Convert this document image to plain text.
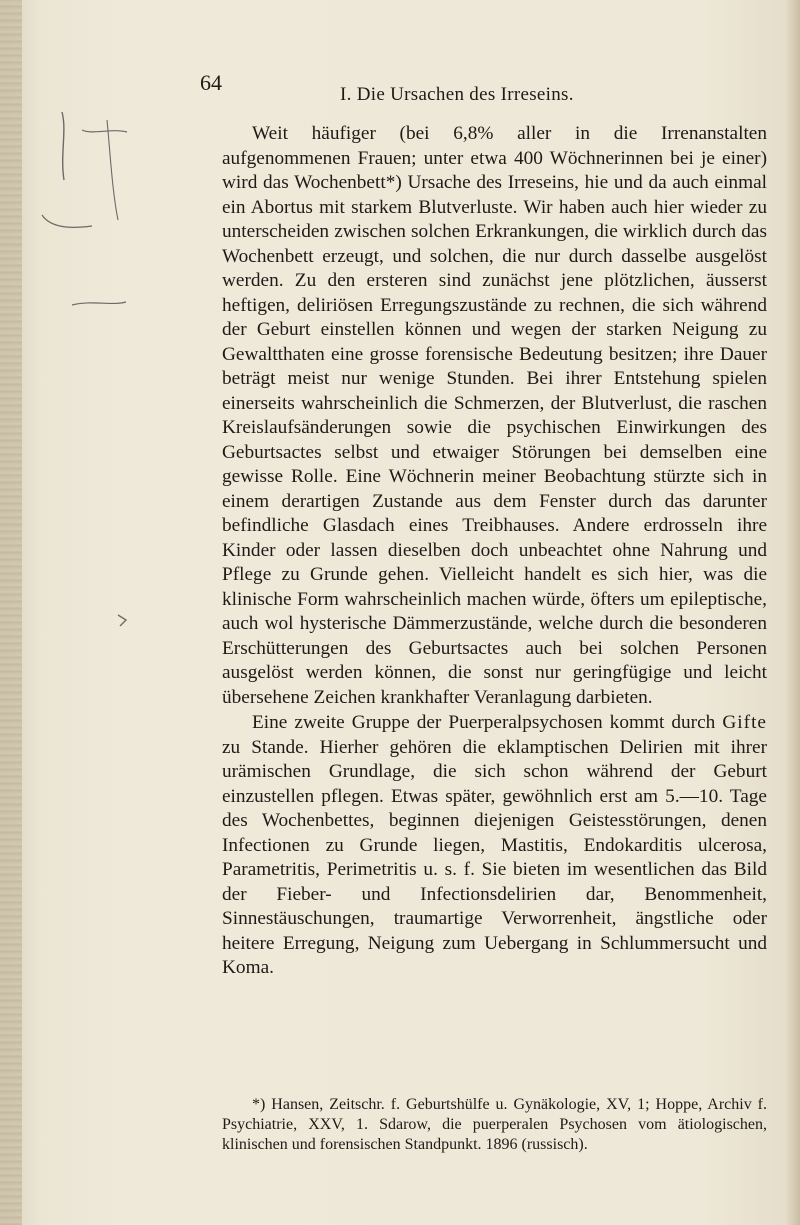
64	I. Die Ursachen des Irreseins.

Weit häufiger (bei 6,8% aller in die Irrenanstalten aufgenommenen Frauen; unter etwa 400 Wöchnerinnen bei je einer) wird das Wochenbett*) Ursache des Irreseins, hie und da auch einmal ein Abortus mit starkem Blutverluste. Wir haben auch hier wieder zu unterscheiden zwischen solchen Erkrankungen, die wirklich durch das Wochenbett erzeugt, und solchen, die nur durch dasselbe ausgelöst werden. Zu den ersteren sind zunächst jene plötzlichen, äusserst heftigen, deliriösen Erregungszustände zu rechnen, die sich während der Geburt einstellen können und wegen der starken Neigung zu Gewaltthaten eine grosse forensische Bedeutung besitzen; ihre Dauer beträgt meist nur wenige Stunden. Bei ihrer Entstehung spielen einerseits wahrscheinlich die Schmerzen, der Blutverlust, die raschen Kreislaufsänderungen sowie die psychischen Einwirkungen des Geburtsactes selbst und etwaiger Störungen bei demselben eine gewisse Rolle. Eine Wöchnerin meiner Beobachtung stürzte sich in einem derartigen Zustande aus dem Fenster durch das darunter befindliche Glasdach eines Treibhauses. Andere erdrosseln ihre Kinder oder lassen dieselben doch unbeachtet ohne Nahrung und Pflege zu Grunde gehen. Vielleicht handelt es sich hier, was die klinische Form wahrscheinlich machen würde, öfters um epileptische, auch wol hysterische Dämmerzustände, welche durch die besonderen Erschütterungen des Geburtsactes auch bei solchen Personen ausgelöst werden können, die sonst nur geringfügige und leicht übersehene Zeichen krankhafter Veranlagung darbieten.

Eine zweite Gruppe der Puerperalpsychosen kommt durch Gifte zu Stande. Hierher gehören die eklamptischen Delirien mit ihrer urämischen Grundlage, die sich schon während der Geburt einzustellen pflegen. Etwas später, gewöhnlich erst am 5.—10. Tage des Wochenbettes, beginnen diejenigen Geistesstörungen, denen Infectionen zu Grunde liegen, Mastitis, Endokarditis ulcerosa, Parametritis, Perimetritis u. s. f. Sie bieten im wesentlichen das Bild der Fieber- und Infectionsdelirien dar, Benommenheit, Sinnestäuschungen, traumartige Verworrenheit, ängstliche oder heitere Erregung, Neigung zum Uebergang in Schlummersucht und Koma.

*) Hansen, Zeitschr. f. Geburtshülfe u. Gynäkologie, XV, 1; Hoppe, Archiv f. Psychiatrie, XXV, 1. Sdarow, die puerperalen Psychosen vom ätiologischen, klinischen und forensischen Standpunkt. 1896 (russisch).
